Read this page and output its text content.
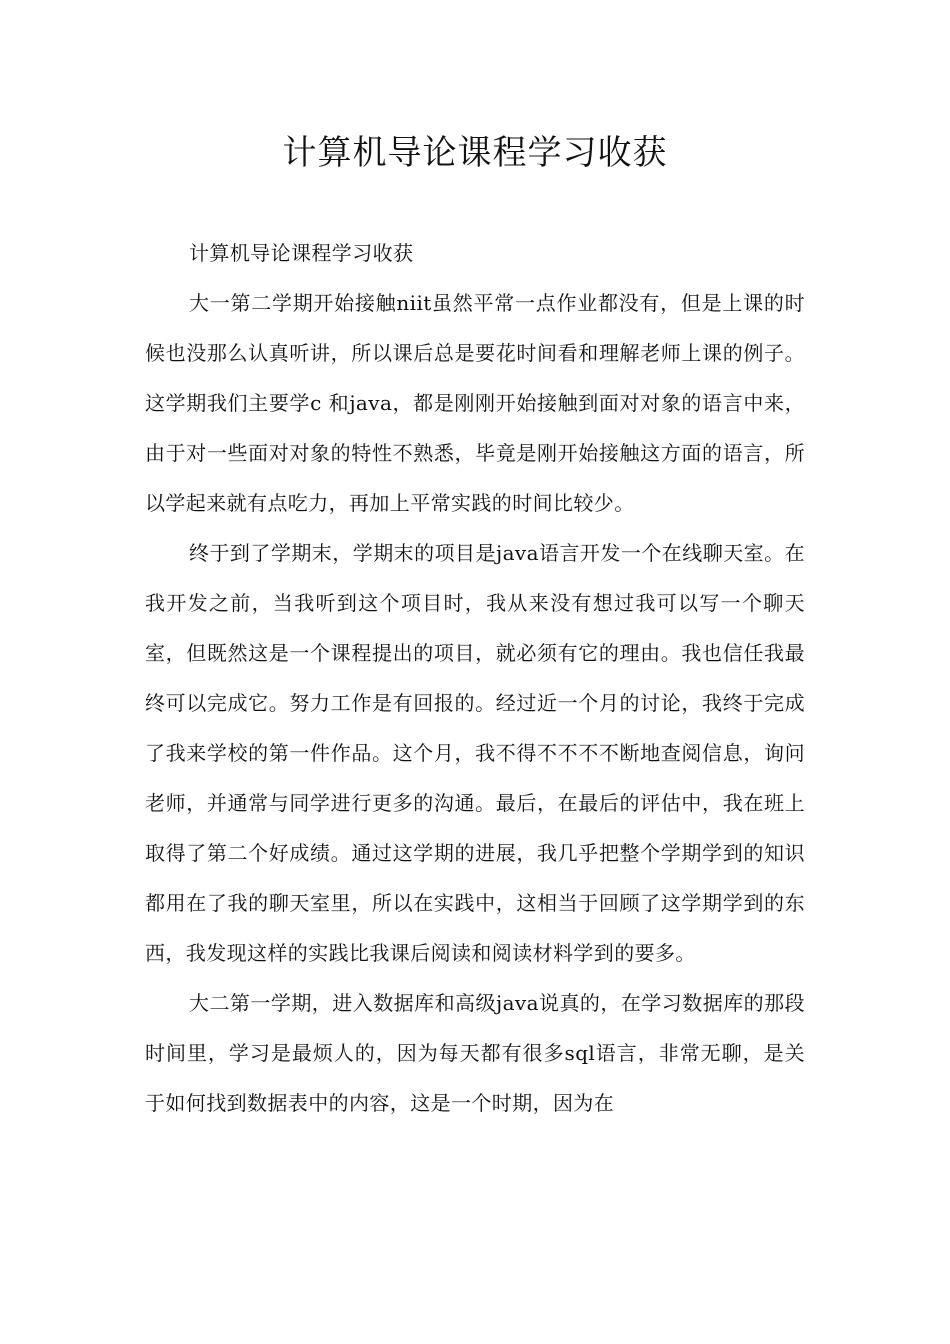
计算机导论课程学习收获

计算机导论课程学习收获

大一第二学期开始接触niit虽然平常一点作业都没有，但是上课的时候也没那么认真听讲，所以课后总是要花时间看和理解老师上课的例子。这学期我们主要学c 和java，都是刚刚开始接触到面对对象的语言中来，由于对一些面对对象的特性不熟悉，毕竟是刚开始接触这方面的语言，所以学起来就有点吃力，再加上平常实践的时间比较少。

终于到了学期末，学期末的项目是java语言开发一个在线聊天室。在我开发之前，当我听到这个项目时，我从来没有想过我可以写一个聊天室，但既然这是一个课程提出的项目，就必须有它的理由。我也信任我最终可以完成它。努力工作是有回报的。经过近一个月的讨论，我终于完成了我来学校的第一件作品。这个月，我不得不不不不断地查阅信息，询问老师，并通常与同学进行更多的沟通。最后，在最后的评估中，我在班上取得了第二个好成绩。通过这学期的进展，我几乎把整个学期学到的知识都用在了我的聊天室里，所以在实践中，这相当于回顾了这学期学到的东西，我发现这样的实践比我课后阅读和阅读材料学到的要多。

大二第一学期，进入数据库和高级java说真的，在学习数据库的那段时间里，学习是最烦人的，因为每天都有很多sql语言，非常无聊，是关于如何找到数据表中的内容，这是一个时期，因为在
